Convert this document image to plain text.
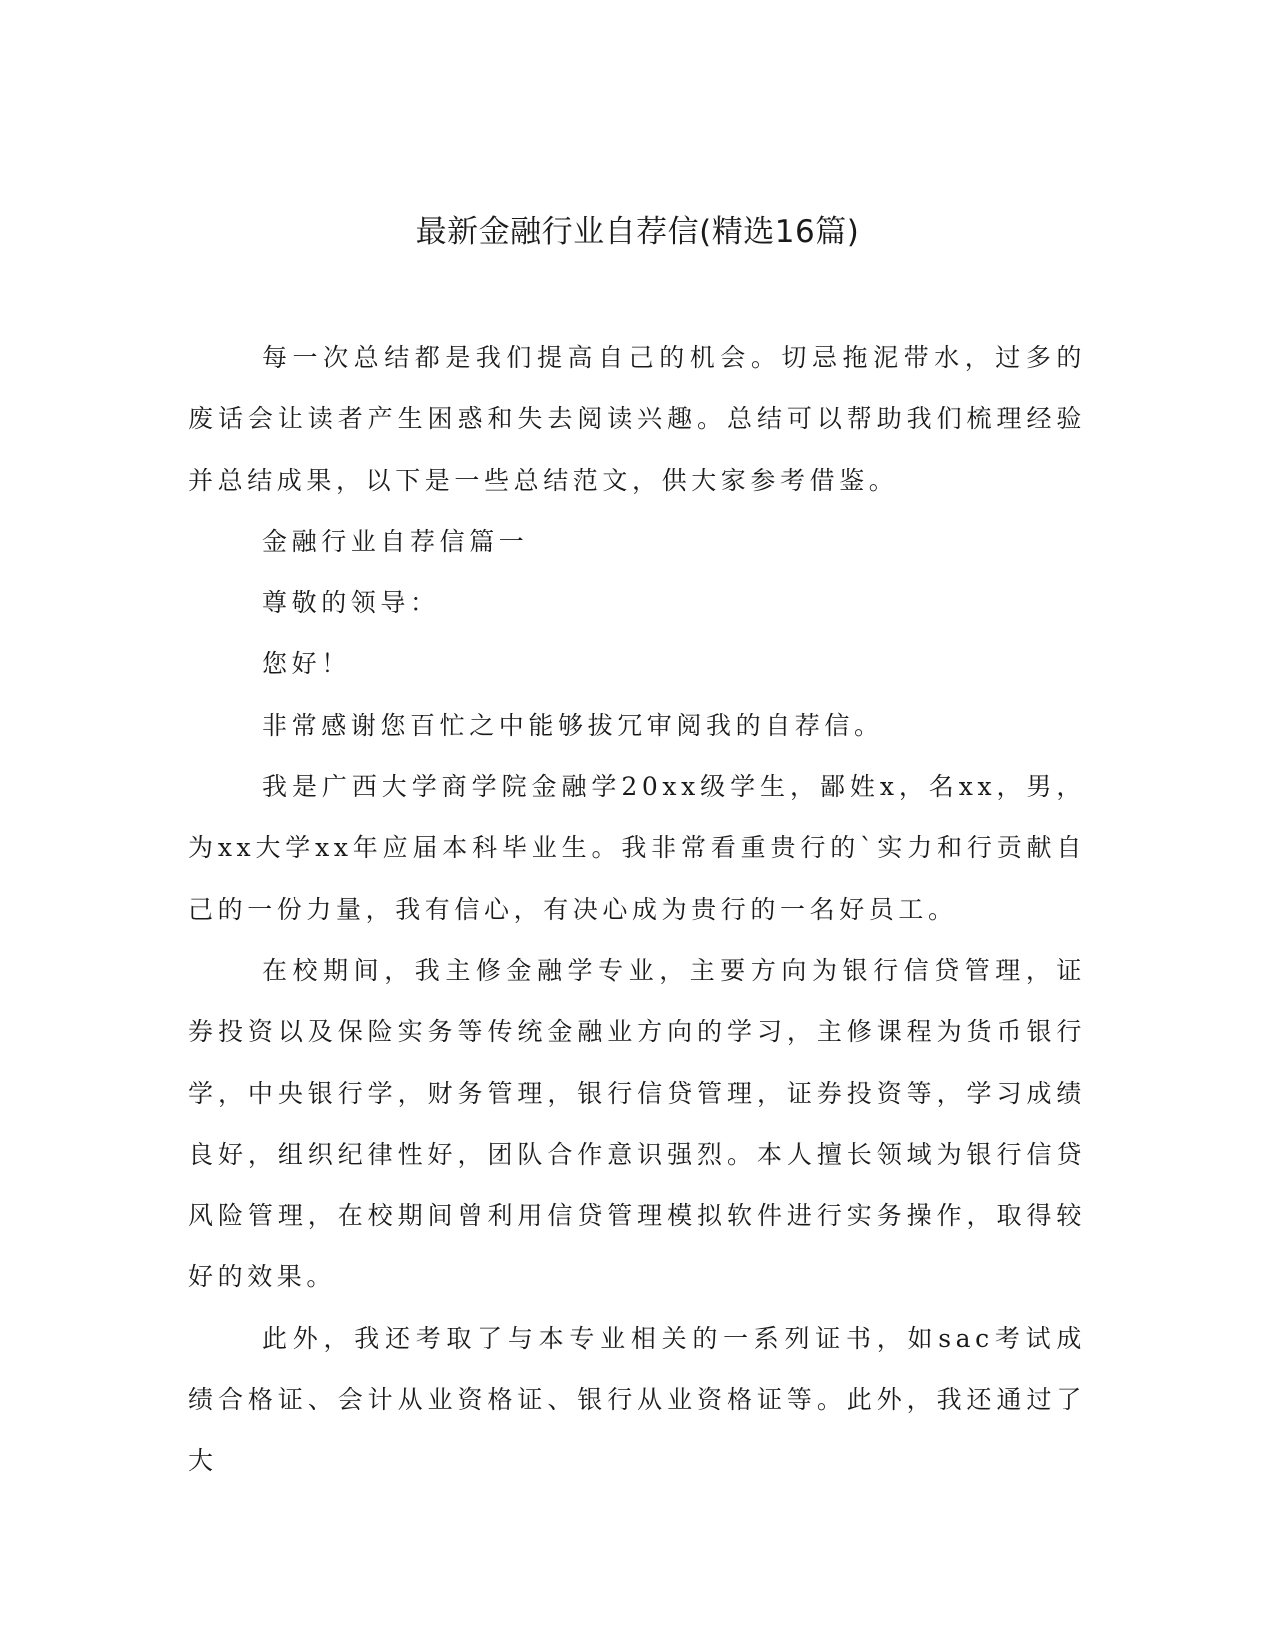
最新金融行业自荐信(精选16篇)

每一次总结都是我们提高自己的机会。切忌拖泥带水，过多的废话会让读者产生困惑和失去阅读兴趣。总结可以帮助我们梳理经验并总结成果，以下是一些总结范文，供大家参考借鉴。

金融行业自荐信篇一

尊敬的领导：

您好！

非常感谢您百忙之中能够拔冗审阅我的自荐信。

我是广西大学商学院金融学20xx级学生，鄙姓x，名xx，男，为xx大学xx年应届本科毕业生。我非常看重贵行的`实力和行贡献自己的一份力量，我有信心，有决心成为贵行的一名好员工。

在校期间，我主修金融学专业，主要方向为银行信贷管理，证券投资以及保险实务等传统金融业方向的学习，主修课程为货币银行学，中央银行学，财务管理，银行信贷管理，证券投资等，学习成绩良好，组织纪律性好，团队合作意识强烈。本人擅长领域为银行信贷风险管理，在校期间曾利用信贷管理模拟软件进行实务操作，取得较好的效果。

此外，我还考取了与本专业相关的一系列证书，如sac考试成绩合格证、会计从业资格证、银行从业资格证等。此外，我还通过了大
